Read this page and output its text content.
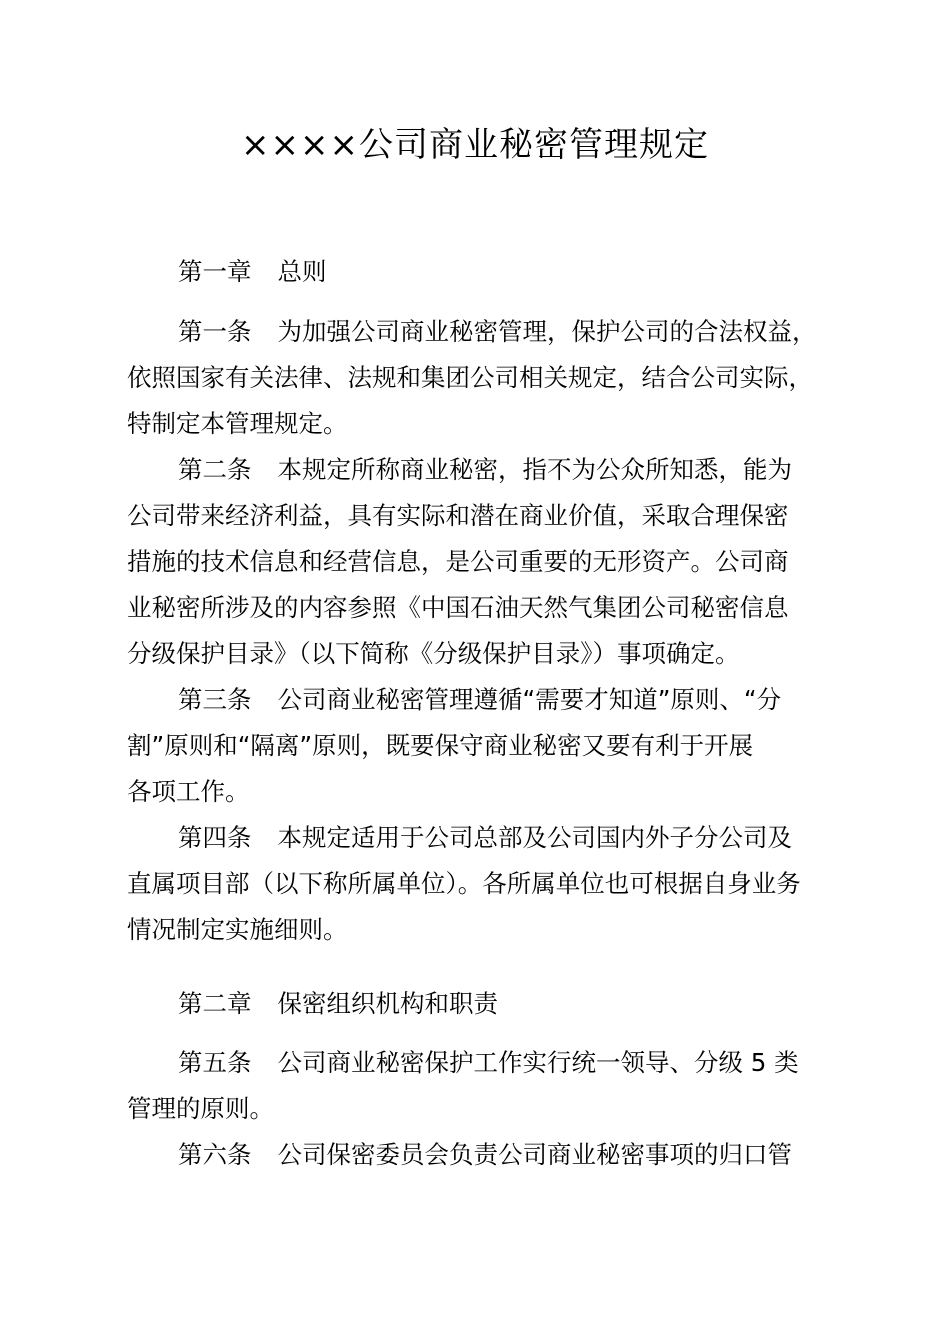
××××公司商业秘密管理规定
第一章 总则
第一条 为加强公司商业秘密管理，保护公司的合法权益，
依照国家有关法律、法规和集团公司相关规定，结合公司实际，
特制定本管理规定。
第二条 本规定所称商业秘密，指不为公众所知悉，能为
公司带来经济利益，具有实际和潜在商业价值，采取合理保密
措施的技术信息和经营信息，是公司重要的无形资产。公司商
业秘密所涉及的内容参照《中国石油天然气集团公司秘密信息
分级保护目录》（以下简称《分级保护目录》）事项确定。
第三条 公司商业秘密管理遵循“需要才知道”原则、“分
割”原则和“隔离”原则，既要保守商业秘密又要有利于开展
各项工作。
第四条 本规定适用于公司总部及公司国内外子分公司及
直属项目部（以下称所属单位）。各所属单位也可根据自身业务
情况制定实施细则。
第二章 保密组织机构和职责
第五条 公司商业秘密保护工作实行统一领导、分级 5 类
管理的原则。
第六条 公司保密委员会负责公司商业秘密事项的归口管
